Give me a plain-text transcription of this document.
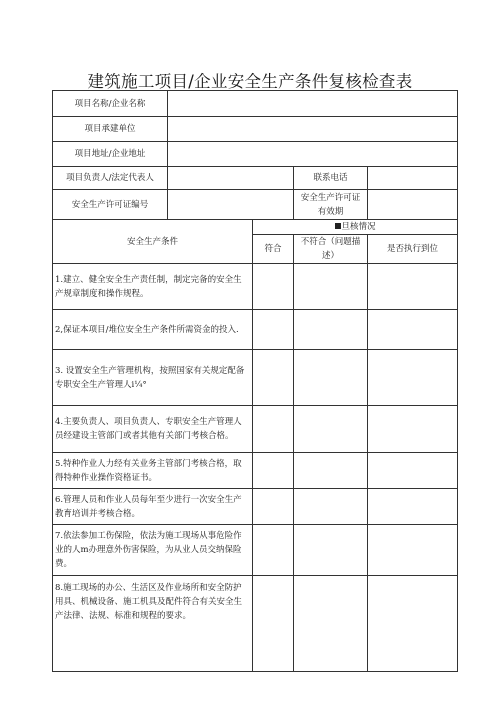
建筑施工项目/企业安全生产条件复核检查表
项目名称/企业名称				
项目承建单位				
项目地址/企业地址				
项目负责人/法定代表人			联系电话	
安全生产许可证编号			安全生产许可证有效期	
安全生产条件		旦核情况		
		符合	不符合（问题描述）	是否执行到位
1.建立、健全安全生产责任制，制定完备的安全生产规章制度和操作规程。				
2,保证本项目/堆位安全生产条件所需资金的投入.				
3. 设置安全生产管理机构，按照国家有关规定配备专职安全生产管理人i¼°				
4.主要负责人、项目负责人、专职安全生产管理人员经建设主管部门或者其他有关部门考核合格。				
5.特种作业人力经有关业务主管部门考核合格，取得特种作业操作资格证书。				
6.管理人员和作业人员每年至少进行一次安全生产教育培训并考核合格。				
7.依法参加工伤保险，依法为施工现场从事危险作业的人m办理意外伤害保险，为从业人员交纳保险费。				
8.施工现场的办公、生活区及作业场所和安全防护用具、机械设备、施工机具及配件符合有关安全生产法律、法规、标准和规程的要求。				
